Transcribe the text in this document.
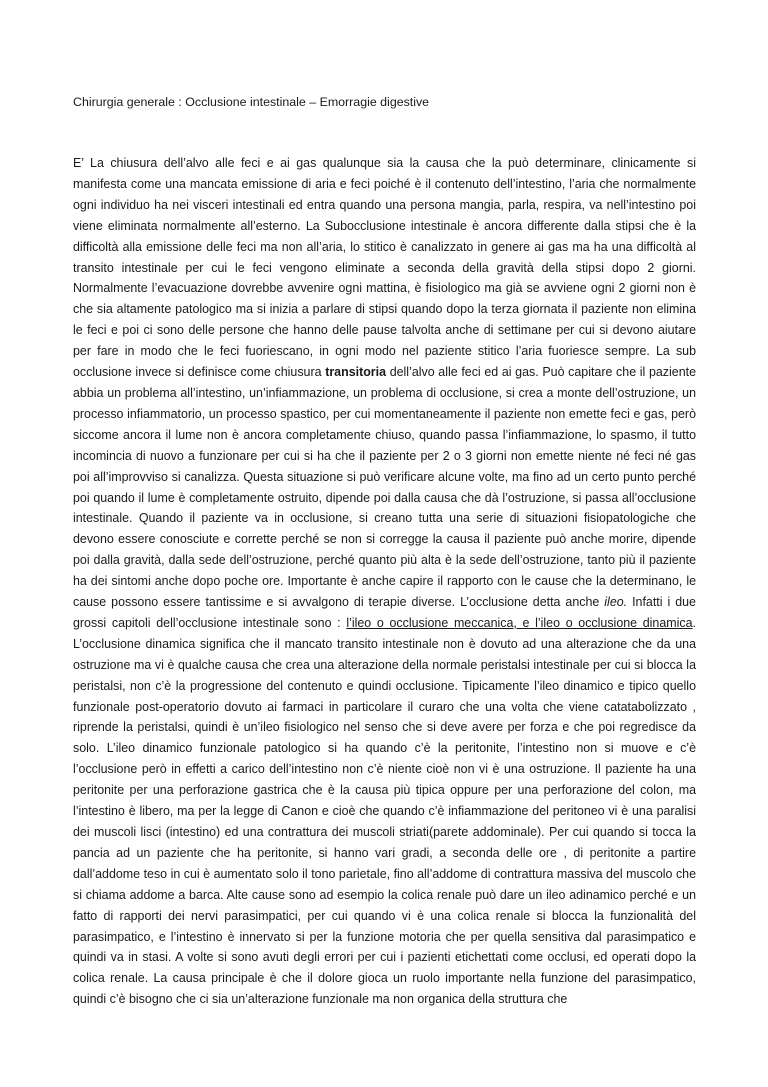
Chirurgia generale : Occlusione intestinale – Emorragie digestive

E’ La chiusura dell’alvo alle feci e ai gas qualunque sia la causa che la può determinare, clinicamente si manifesta come una mancata emissione di aria e feci poiché è il contenuto dell’intestino, l’aria che normalmente ogni individuo ha nei visceri intestinali ed entra quando una persona mangia, parla, respira, va nell’intestino poi viene eliminata normalmente all’esterno. La Subocclusione intestinale è ancora differente dalla stipsi che è la difficoltà alla emissione delle feci ma non all’aria, lo stitico è canalizzato in genere ai gas ma ha una difficoltà al transito intestinale per cui le feci vengono eliminate a seconda della gravità della stipsi dopo 2 giorni. Normalmente l’evacuazione dovrebbe avvenire ogni mattina, è fisiologico ma già se avviene ogni 2 giorni non è che sia altamente patologico ma si inizia a parlare di stipsi quando dopo la terza giornata il paziente non elimina le feci e poi ci sono delle persone che hanno delle pause talvolta anche di settimane per cui si devono aiutare per fare in modo che le feci fuoriescano, in ogni modo nel paziente stitico l’aria fuoriesce sempre. La sub occlusione invece si definisce come chiusura transitoria dell’alvo alle feci ed ai gas. Può capitare che il paziente abbia un problema all’intestino, un’infiammazione, un problema di occlusione, si crea a monte dell’ostruzione, un processo infiammatorio, un processo spastico, per cui momentaneamente il paziente non emette feci e gas, però siccome ancora il lume non è ancora completamente chiuso, quando passa l’infiammazione, lo spasmo, il tutto incomincia di nuovo a funzionare per cui si ha che il paziente per 2 o 3 giorni non emette niente né feci né gas poi all’improvviso si canalizza. Questa situazione si può verificare alcune volte, ma fino ad un certo punto perché poi quando il lume è completamente ostruito, dipende poi dalla causa che dà l’ostruzione, si passa all’occlusione intestinale. Quando il paziente va in occlusione, si creano tutta una serie di situazioni fisiopatologiche che devono essere conosciute e corrette perché se non si corregge la causa il paziente può anche morire, dipende poi dalla gravità, dalla sede dell’ostruzione, perché quanto più alta è la sede dell’ostruzione, tanto più il paziente ha dei sintomi anche dopo poche ore. Importante è anche capire il rapporto con le cause che la determinano, le cause possono essere tantissime e si avvalgono di terapie diverse. L’occlusione detta anche ileo. Infatti i due grossi capitoli dell’occlusione intestinale sono : l’ileo o occlusione meccanica, e l’ileo o occlusione dinamica. L’occlusione dinamica significa che il mancato transito intestinale non è dovuto ad una alterazione che da una ostruzione ma vi è qualche causa che crea una alterazione della normale peristalsi intestinale per cui si blocca la peristalsi, non c’è la progressione del contenuto e quindi occlusione. Tipicamente l’ileo dinamico e tipico quello funzionale post-operatorio dovuto ai farmaci in particolare il curaro che una volta che viene catatabolizzato , riprende la peristalsi, quindi è un’ileo fisiologico nel senso che si deve avere per forza e che poi regredisce da solo. L’ileo dinamico funzionale patologico si ha quando c’è la peritonite, l’intestino non si muove e c’è l’occlusione però in effetti a carico dell’intestino non c’è niente cioè non vi è una ostruzione. Il paziente ha una peritonite per una perforazione gastrica che è la causa più tipica oppure per una perforazione del colon, ma l’intestino è libero, ma per la legge di Canon e cioè che quando c’è infiammazione del peritoneo vi è una paralisi dei muscoli lisci (intestino) ed una contrattura dei muscoli striati(parete addominale). Per cui quando si tocca la pancia ad un paziente che ha peritonite, si hanno vari gradi, a seconda delle ore , di peritonite a partire dall’addome teso in cui è aumentato solo il tono parietale, fino all’addome di contrattura massiva del muscolo che si chiama addome a barca. Alte cause sono ad esempio la colica renale può dare un ileo adinamico perché e un fatto di rapporti dei nervi parasimpatici, per cui quando vi è una colica renale si blocca la funzionalità del parasimpatico, e l’intestino è innervato si per la funzione motoria che per quella sensitiva dal parasimpatico e quindi va in stasi. A volte si sono avuti degli errori per cui i pazienti etichettati come occlusi, ed operati dopo la colica renale. La causa principale è che il dolore gioca un ruolo importante nella funzione del parasimpatico, quindi c’è bisogno che ci sia un’alterazione funzionale ma non organica della struttura che
